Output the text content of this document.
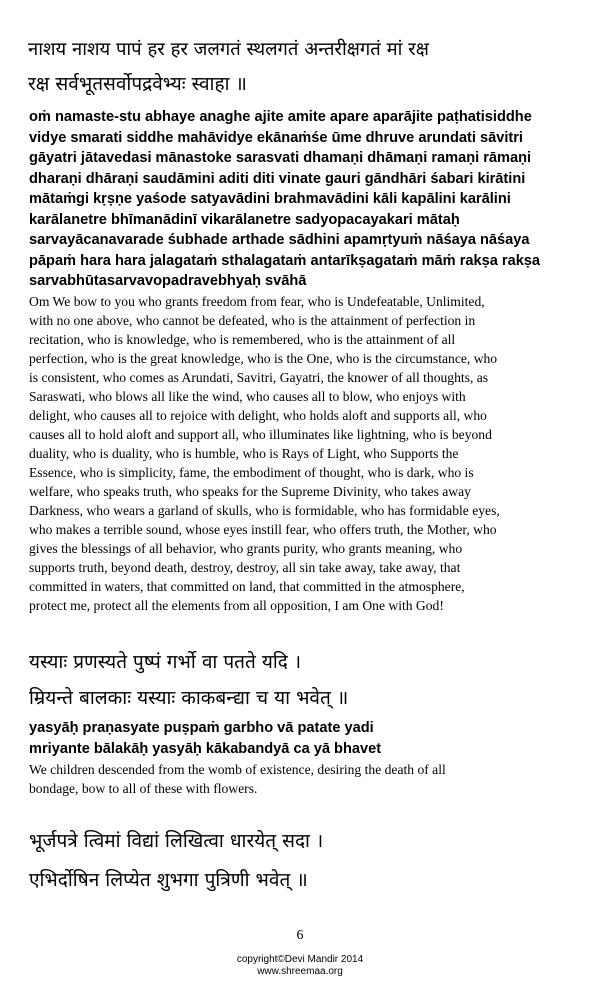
नाशय नाशय पापं हर हर जलगतं स्थलगतं अन्तरीक्षगतं मां रक्ष

रक्ष सर्वभूतसर्वोपद्रवेभ्यः स्वाहा ॥

oṁ namaste-stu abhaye anaghe ajite amite apare aparājite paṭhatisiddhe

vidye smarati siddhe mahāvidye ekānaṁśe ūme dhruve arundati sāvitri

gāyatri jātavedasi mānastoke sarasvati dhamaṇi dhāmaṇi ramaṇi rāmaṇi

dharaṇi dhāraṇi saudāmini aditi diti vinate gauri gāndhāri śabari kirātini

mātaṁgi kṛṣṇe yaśode satyavādini brahmavādini kāli kapālini karālini

karālanetre bhīmanādinī vikarālanetre sadyopacayakari mātaḥ

sarvayācanavarade śubhade arthade sādhini apamṛtyuṁ nāśaya nāśaya

pāpaṁ hara hara jalagataṁ sthalagataṁ antarīkṣagataṁ māṁ rakṣa rakṣa

sarvabhūtasarvavopadravebhyaḥ svāhā

Om We bow to you who grants freedom from fear, who is Undefeatable, Unlimited,

with no one above, who cannot be defeated, who is the attainment of perfection in

recitation, who is knowledge, who is remembered, who is the attainment of all

perfection, who is the great knowledge, who is the One, who is the circumstance, who

is consistent, who comes as Arundati, Savitri, Gayatri, the knower of all thoughts, as

Saraswati, who blows all like the wind, who causes all to blow, who enjoys with

delight, who causes all to rejoice with delight, who holds aloft and supports all, who

causes all to hold aloft and support all, who illuminates like lightning, who is beyond

duality, who is duality, who is humble, who is Rays of Light, who Supports the

Essence, who is simplicity, fame, the embodiment of thought, who is dark, who is

welfare, who speaks truth, who speaks for the Supreme Divinity, who takes away

Darkness, who wears a garland of skulls, who is formidable, who has formidable eyes,

who makes a terrible sound, whose eyes instill fear, who offers truth, the Mother, who

gives the blessings of all behavior, who grants purity, who grants meaning, who

supports truth, beyond death, destroy, destroy, all sin take away, take away, that

committed in waters, that committed on land, that committed in the atmosphere,

protect me, protect all the elements from all opposition, I am One with God!

यस्याः प्रणस्यते पुष्पं गर्भो वा पतते यदि ।

म्रियन्ते बालकाः यस्याः काकबन्द्या च या भवेत् ॥

yasyāḥ praṇasyate puṣpaṁ garbho vā patate yadi

mriyante bālakāḥ yasyāḥ kākabandyā ca yā bhavet

We children descended from the womb of existence, desiring the death of all

bondage, bow to all of these with flowers.

भूर्जपत्रे त्विमां विद्यां लिखित्वा धारयेत् सदा ।

एभिर्दोषिन लिप्येत शुभगा पुत्रिणी भवेत् ॥

6
copyright©Devi Mandir 2014
www.shreemaa.org
